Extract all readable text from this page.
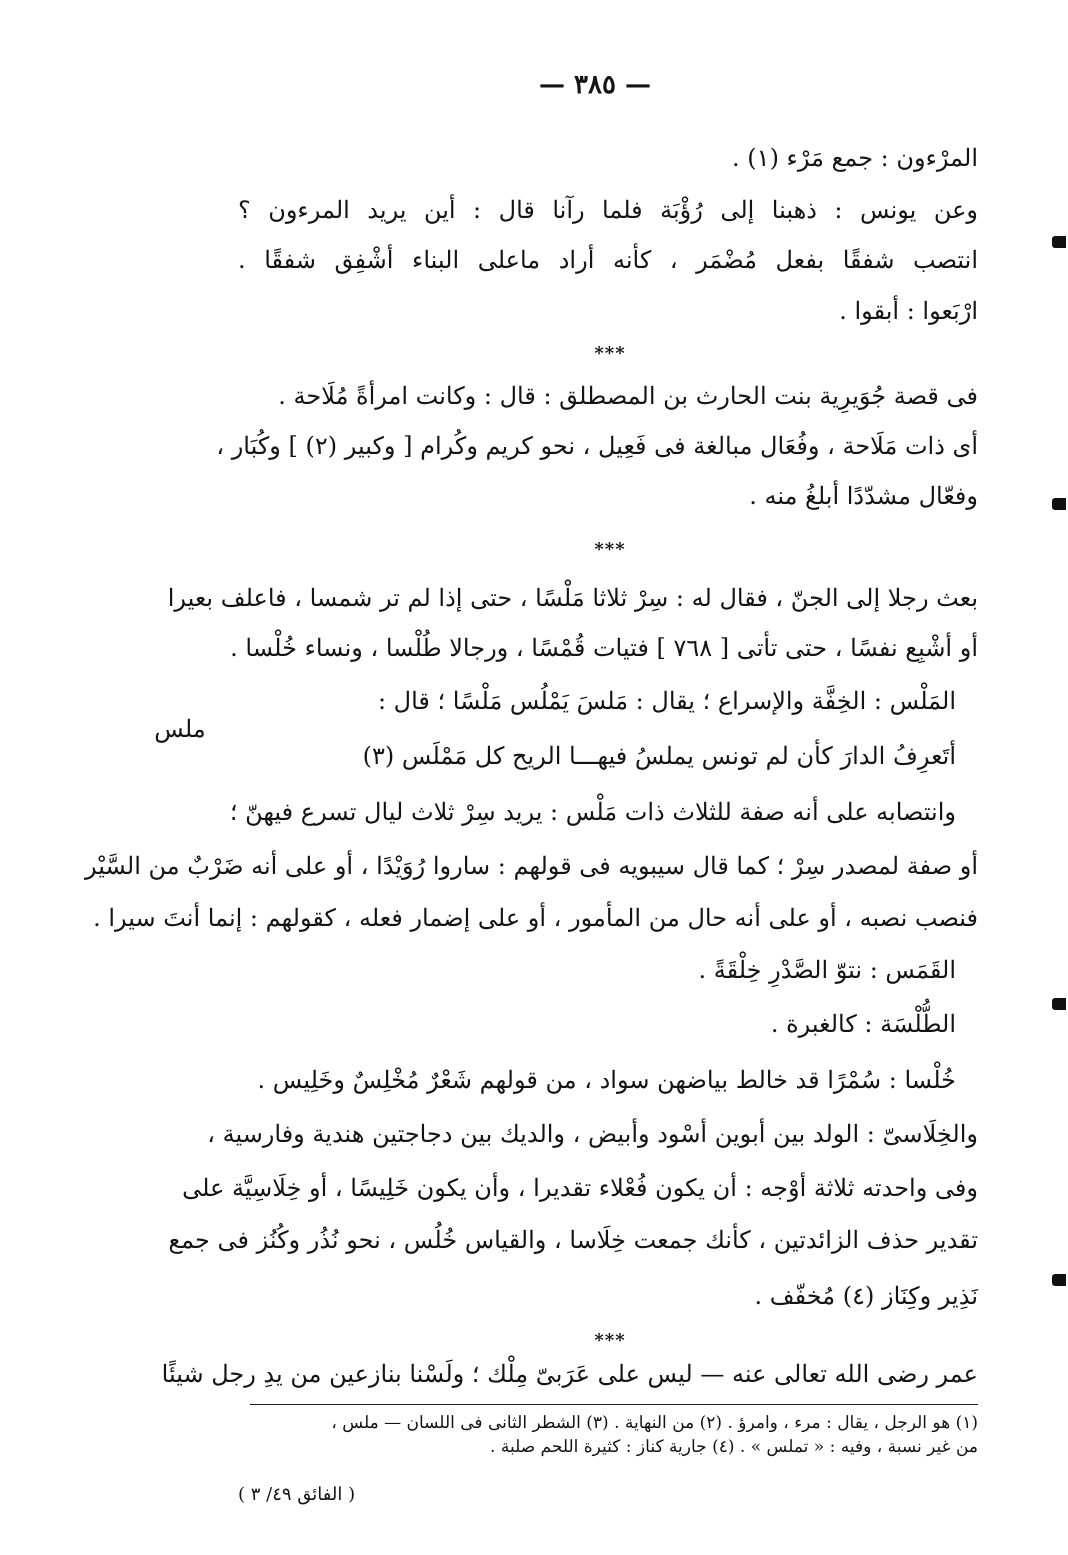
— ٣٨٥ —
المرْءون : جمع مَرْء (١) .
وعن يونس : ذهبنا إلى رُؤْبَة فلما رآنا قال : أين يريد المرءون ؟
انتصب شفقًا بفعل مُضْمَر ، كأنه أراد ماعلى البناء أشْفِق شفقًا .
ارْبَعوا : أبقوا .
***
فى قصة جُوَيرِية بنت الحارث بن المصطلق : قال : وكانت امرأةً مُلَاحة .
أى ذات مَلَاحة ، وفُعَال مبالغة فى فَعِيل ، نحو كريم وكُرام [ وكبير (٢) ] وكُبَار ،
وفعّال مشدّدًا أبلغُ منه .
***
بعث رجلا إلى الجنّ ، فقال له : سِرْ ثلاثا مَلْسًا ، حتى إذا لم تر شمسا ، فاعلف بعيرا
أو أشْبِع نفسًا ، حتى تأتى [ ٧٦٨ ] فتيات قُمْسًا ، ورجالا طُلْسا ، ونساء خُلْسا .
المَلْس : الخِفَّة والإسراع ؛ يقال : مَلسَ يَمْلُس مَلْسًا ؛ قال :
أتَعرِفُ الدارَ كأن لم تونس يملسُ فيهـــا الريح كل مَمْلَس (٣)
وانتصابه على أنه صفة للثلاث ذات مَلْس : يريد سِرْ ثلاث ليال تسرع فيهنّ ؛
أو صفة لمصدر سِرْ ؛ كما قال سيبويه فى قولهم : ساروا رُوَيْدًا ، أو على أنه ضَرْبٌ من السَّيْر
فنصب نصبه ، أو على أنه حال من المأمور ، أو على إضمار فعله ، كقولهم : إنما أنتَ سيرا .
القَمَس : نتوّ الصَّدْرِ خِلْقَةً .
الطُّلْسَة : كالغبرة .
خُلْسا : سُمْرًا قد خالط بياضهن سواد ، من قولهم شَعْرٌ مُخْلِسٌ وخَلِيس .
والخِلَاسىّ : الولد بين أبوين أسْود وأبيض ، والديك بين دجاجتين هندية وفارسية ،
وفى واحدته ثلاثة أوْجه : أن يكون فُعْلاء تقديرا ، وأن يكون خَلِيسًا ، أو خِلَاسِيَّة على
تقدير حذف الزائدتين ، كأنك جمعت خِلَاسا ، والقياس خُلُس ، نحو نُذُر وكُنُز فى جمع
نَذِير وكِنَاز (٤) مُخفّف .
***
عمر رضى الله تعالى عنه — ليس على عَرَبىّ مِلْك ؛ ولَسْنا بنازعين من يدِ رجل شيئًا
ملس
(١) هو الرجل ، يقال : مرء ، وامرؤ . (٢) من النهاية . (٣) الشطر الثانى فى اللسان — ملس ،
من غير نسبة ، وفيه : « تملس » . (٤) جارية كناز : كثيرة اللحم صلبة .
( الفائق ٤٩/ ٣ )
